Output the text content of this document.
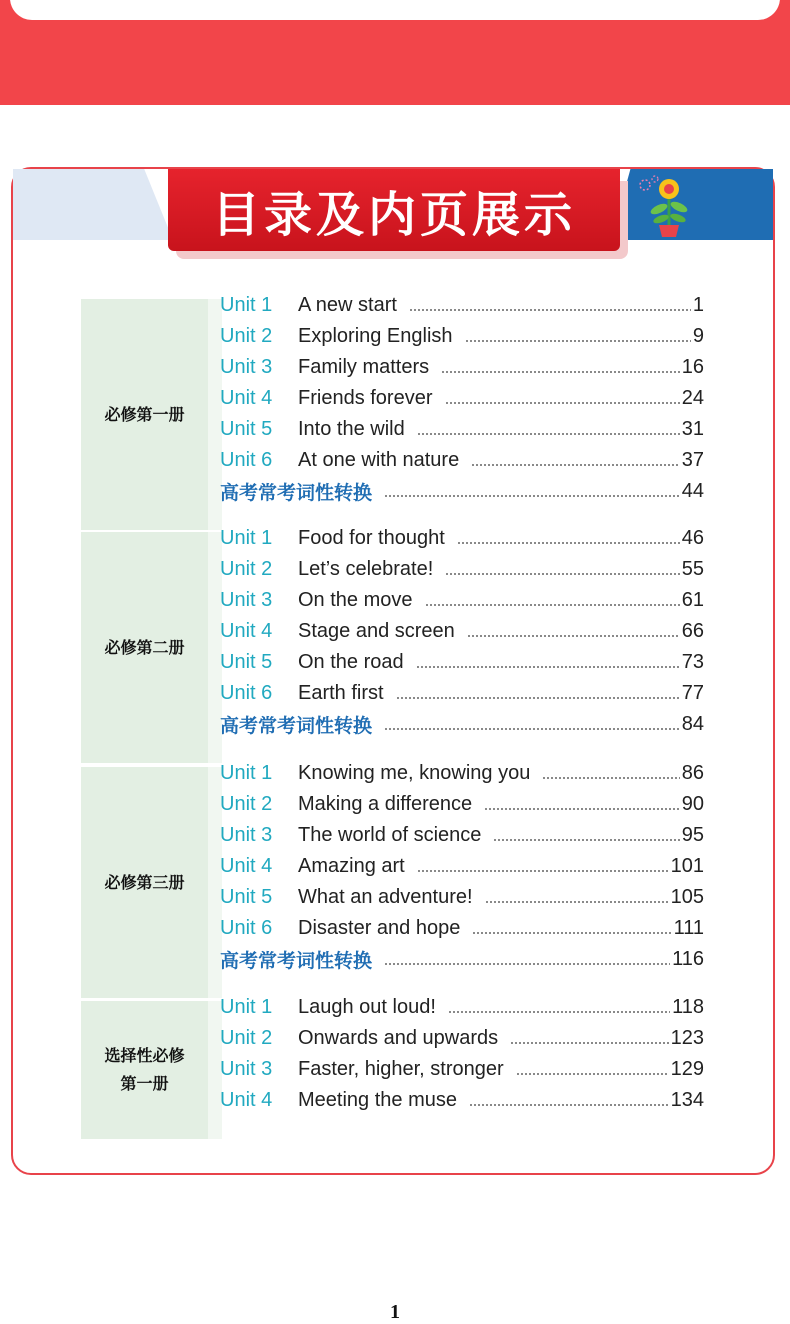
目录及内页展示
必修第一册
Unit 1	A new start	1
Unit 2	Exploring English	9
Unit 3	Family matters	16
Unit 4	Friends forever	24
Unit 5	Into the wild	31
Unit 6	At one with nature	37
高考常考词性转换	44
必修第二册
Unit 1	Food for thought	46
Unit 2	Let’s celebrate!	55
Unit 3	On the move	61
Unit 4	Stage and screen	66
Unit 5	On the road	73
Unit 6	Earth first	77
高考常考词性转换	84
必修第三册
Unit 1	Knowing me, knowing you	86
Unit 2	Making a difference	90
Unit 3	The world of science	95
Unit 4	Amazing art	101
Unit 5	What an adventure!	105
Unit 6	Disaster and hope	111
高考常考词性转换	116
选择性必修
第一册
Unit 1	Laugh out loud!	118
Unit 2	Onwards and upwards	123
Unit 3	Faster, higher, stronger	129
Unit 4	Meeting the muse	134
1
